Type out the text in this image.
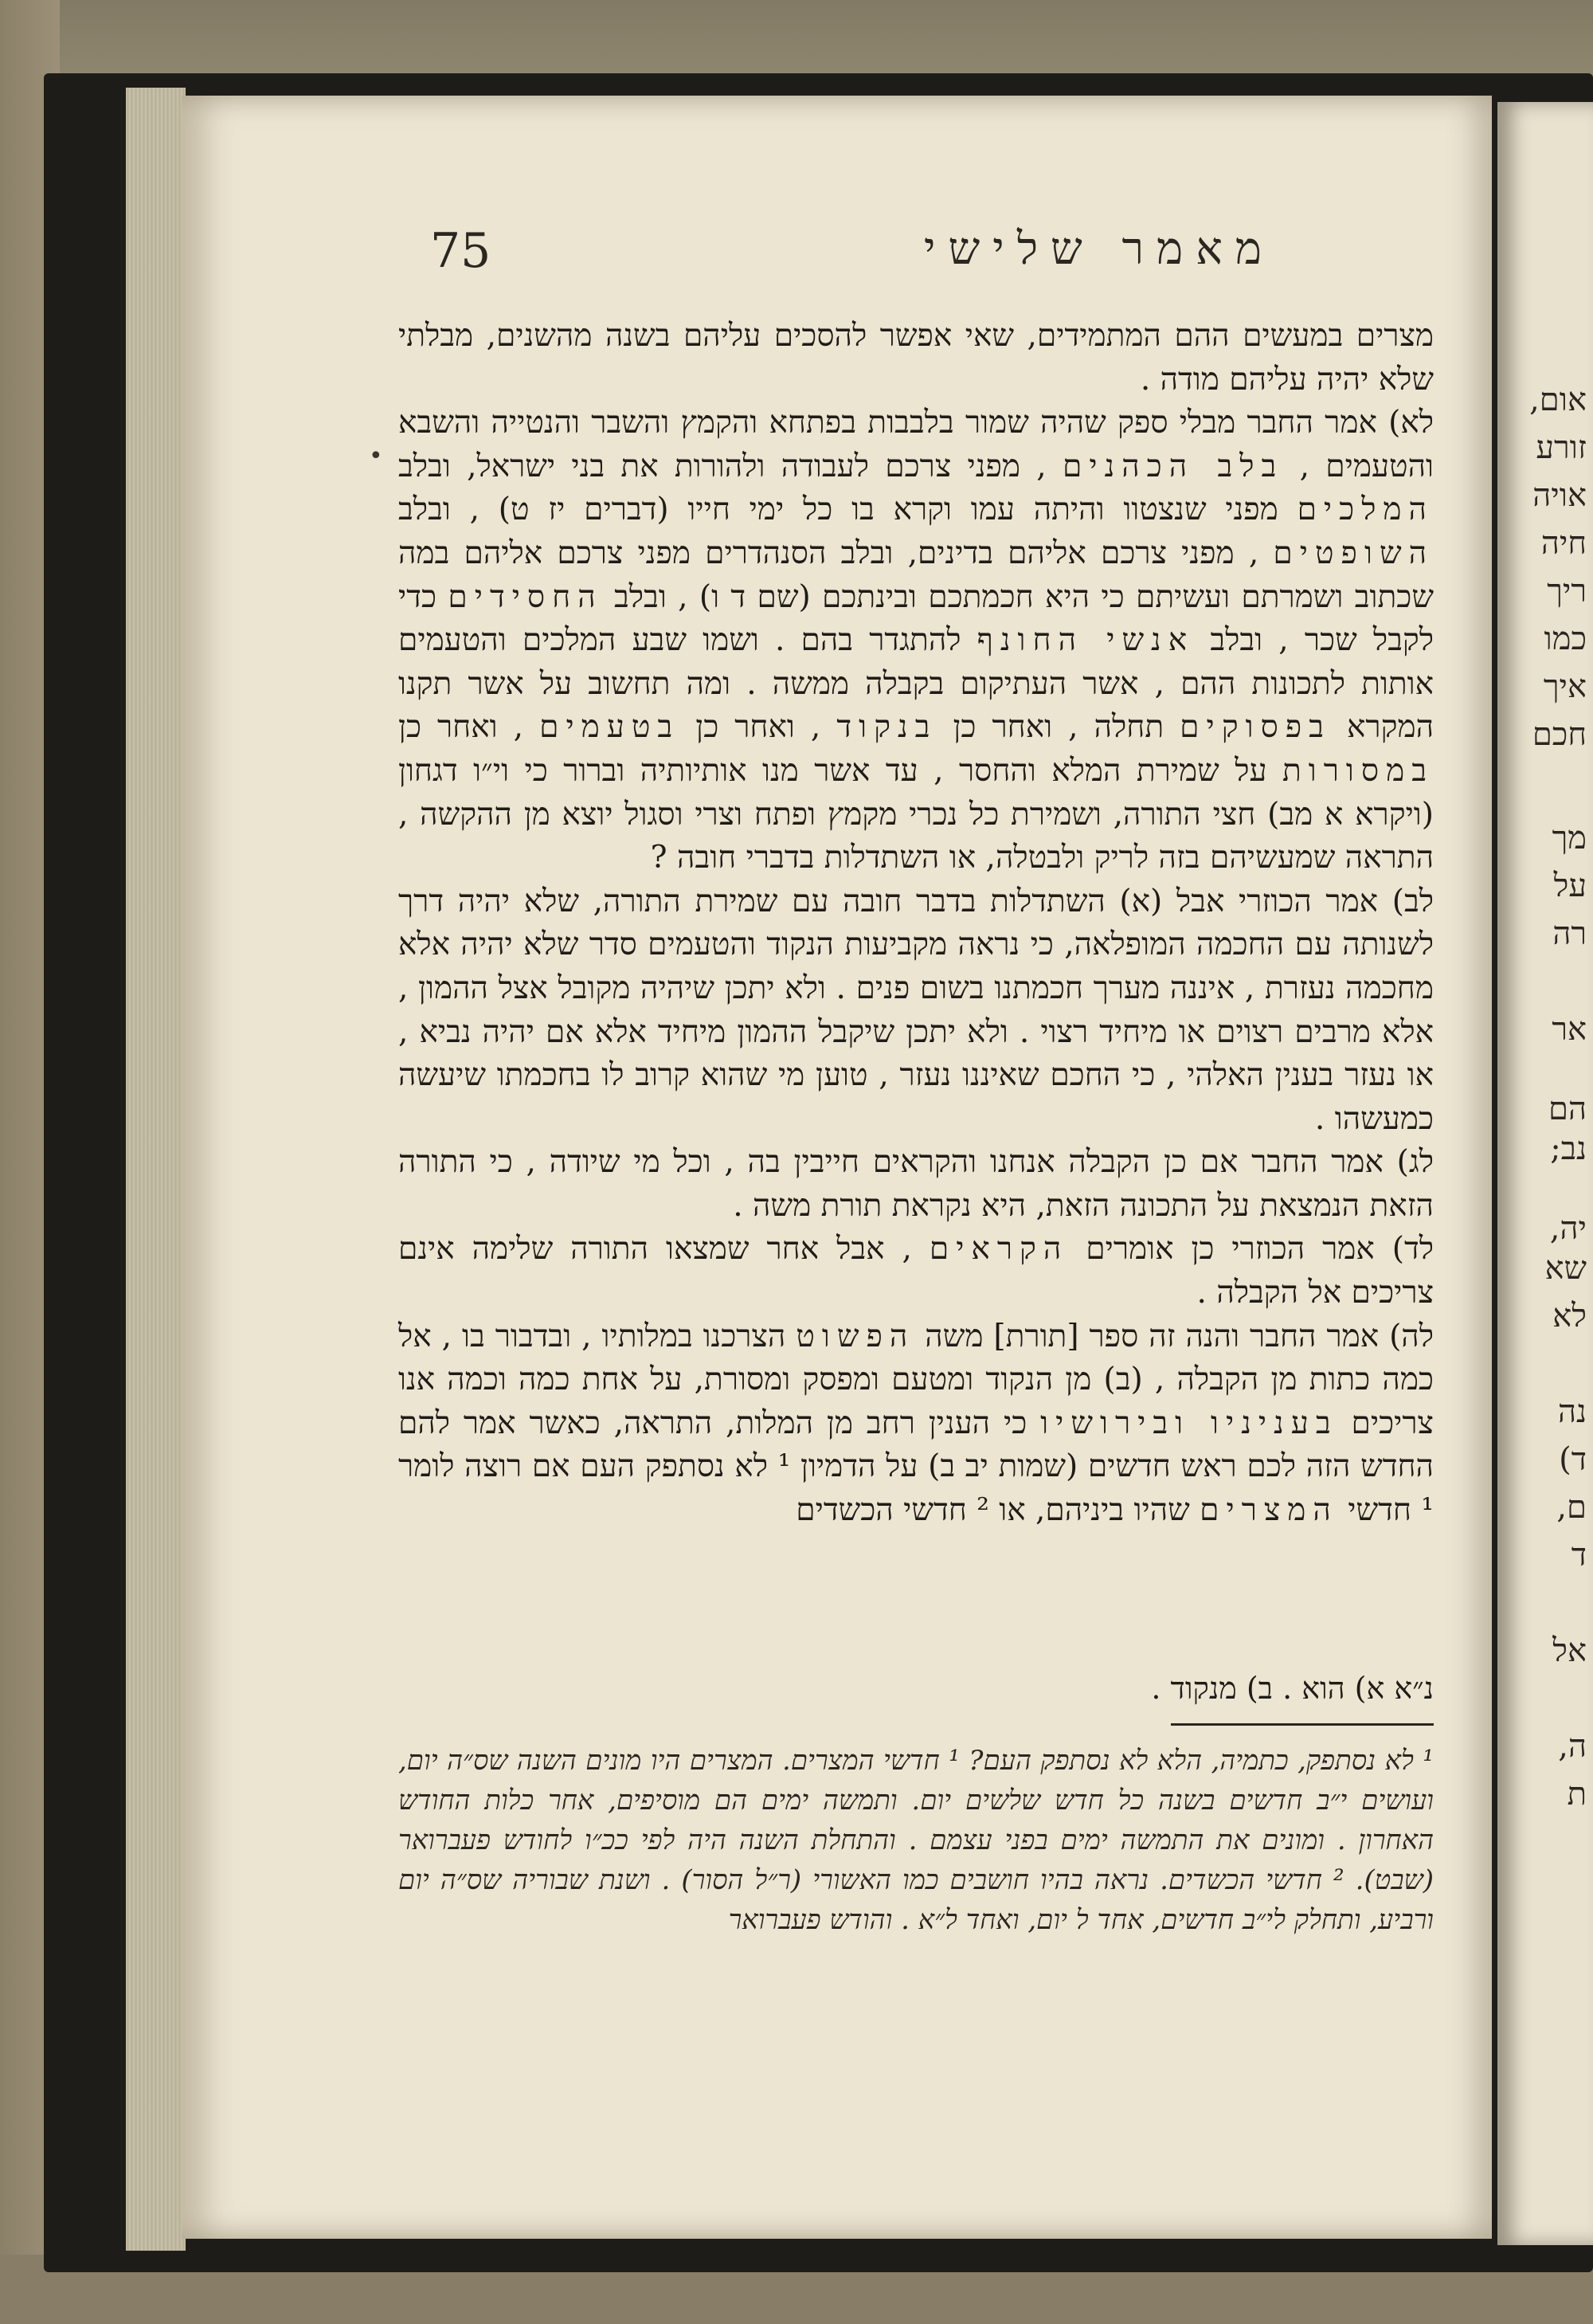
אום,
זורע
אויה
חיה
ריך
כמו
איך
חכם
מך
על
רה
אר
הם
נב;
יה,
שא
לא
נה
ד)
ם,
ד
אל
ה,
ת
75	מאמר שלישי
•

מצרים במעשים ההם המתמידים, שאי אפשר להסכים עליהם בשנה מהשנים, מבלתי שלא יהיה עליהם מודה .

לא) אמר החבר מבלי ספק שהיה שמור בלבבות בפתחא והקמץ והשבר והנטייה והשבא והטעמים , בלב הכהנים , מפני צרכם לעבודה ולהורות את בני ישראל, ובלב המלכים מפני שנצטוו והיתה עמו וקרא בו כל ימי חייו (דברים יז ט) , ובלב השופטים , מפני צרכם אליהם בדינים, ובלב הסנהדרים מפני צרכם אליהם במה שכתוב ושמרתם ועשיתם כי היא חכמתכם ובינתכם (שם ד ו) , ובלב החסידים כדי לקבל שכר , ובלב אנשי החונף להתגדר בהם . ושמו שבע המלכים והטעמים אותות לתכונות ההם , אשר העתיקום בקבלה ממשה . ומה תחשוב על אשר תקנו המקרא בפסוקים תחלה , ואחר כן בנקוד , ואחר כן בטעמים , ואחר כן במסורות על שמירת המלא והחסר , עד אשר מנו אותיותיה וברור כי וי״ו דגחון (ויקרא א מב) חצי התורה, ושמירת כל נכרי מקמץ ופתח וצרי וסגול יוצא מן ההקשה , התראה שמעשיהם בזה לריק ולבטלה, או השתדלות בדברי חובה ?

לב) אמר הכוזרי אבל (א) השתדלות בדבר חובה עם שמירת התורה, שלא יהיה דרך לשנותה עם החכמה המופלאה, כי נראה מקביעות הנקוד והטעמים סדר שלא יהיה אלא מחכמה נעזרת , איננה מערך חכמתנו בשום פנים . ולא יתכן שיהיה מקובל אצל ההמון , אלא מרבים רצוים או מיחיד רצוי . ולא יתכן שיקבל ההמון מיחיד אלא אם יהיה נביא , או נעזר בענין האלהי , כי החכם שאיננו נעזר , טוען מי שהוא קרוב לו בחכמתו שיעשה כמעשהו .

לג) אמר החבר אם כן הקבלה אנחנו והקראים חייבין בה , וכל מי שיודה , כי התורה הזאת הנמצאת על התכונה הזאת, היא נקראת תורת משה .

לד) אמר הכוזרי כן אומרים הקראים , אבל אחר שמצאו התורה שלימה אינם צריכים אל הקבלה .

לה) אמר החבר והנה זה ספר [תורת] משה הפשוט הצרכנו במלותיו , ובדבור בו , אל כמה כתות מן הקבלה , (ב) מן הנקוד ומטעם ומפסק ומסורת, על אחת כמה וכמה אנו צריכים בעניניו ובירושיו כי הענין רחב מן המלות, התראה, כאשר אמר להם החדש הזה לכם ראש חדשים (שמות יב ב) על הדמיון ¹ לא נסתפק העם אם רוצה לומר ¹ חדשי המצרים שהיו ביניהם, או ² חדשי הכשדים

נ״א א) הוא . ב) מנקוד .
¹ לא נסתפק, כתמיה, הלא לא נסתפק העם? ¹ חדשי המצרים. המצרים היו מונים השנה שס״ה יום, ועושים י״ב חדשים בשנה כל חדש שלשים יום. ותמשה ימים הם מוסיפים, אחר כלות החודש האחרון . ומונים את התמשה ימים בפני עצמם . והתחלת השנה היה לפי ככ״ו לחודש פעברואר (שבט). ² חדשי הכשדים. נראה בהיו חושבים כמו האשורי (ר״ל הסור) . ושנת שבוריה שס״ה יום ורביע, ותחלק לי״ב חדשים, אחד ל יום, ואחד ל״א . והודש פעברואר
